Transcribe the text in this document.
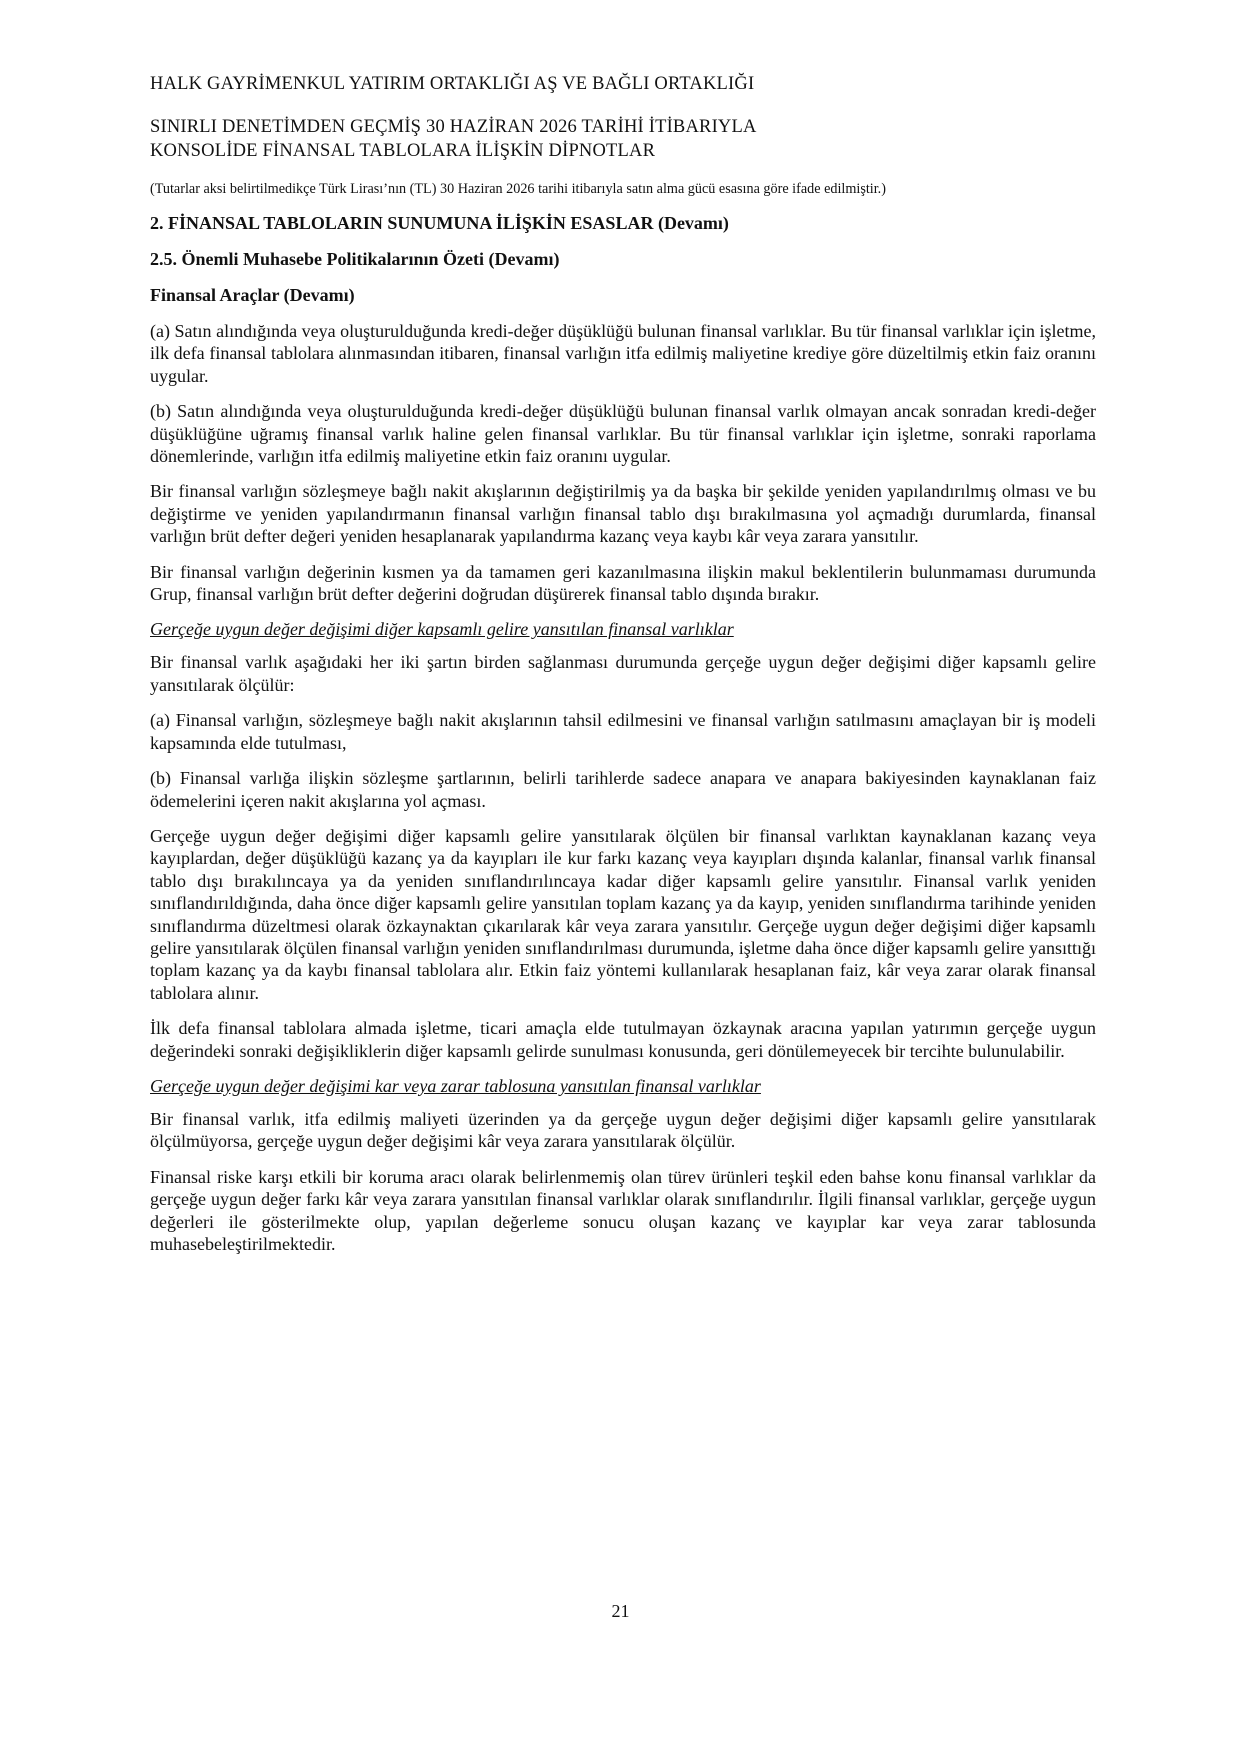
HALK GAYRİMENKUL YATIRIM ORTAKLIĞI AŞ VE BAĞLI ORTAKLIĞI
SINIRLI DENETİMDEN GEÇMİŞ 30 HAZİRAN 2026 TARİHİ İTİBARIYLA
KONSOLİDE FİNANSAL TABLOLARA İLİŞKİN DİPNOTLAR
(Tutarlar aksi belirtilmedikçe Türk Lirası’nın (TL) 30 Haziran 2026 tarihi itibarıyla satın alma gücü esasına göre ifade edilmiştir.)
2. FİNANSAL TABLOLARIN SUNUMUNA İLİŞKİN ESASLAR (Devamı)
2.5. Önemli Muhasebe Politikalarının Özeti (Devamı)
Finansal Araçlar (Devamı)

(a) Satın alındığında veya oluşturulduğunda kredi-değer düşüklüğü bulunan finansal varlıklar. Bu tür finansal varlıklar için işletme, ilk defa finansal tablolara alınmasından itibaren, finansal varlığın itfa edilmiş maliyetine krediye göre düzeltilmiş etkin faiz oranını uygular.

(b) Satın alındığında veya oluşturulduğunda kredi-değer düşüklüğü bulunan finansal varlık olmayan ancak sonradan kredi-değer düşüklüğüne uğramış finansal varlık haline gelen finansal varlıklar. Bu tür finansal varlıklar için işletme, sonraki raporlama dönemlerinde, varlığın itfa edilmiş maliyetine etkin faiz oranını uygular.

Bir finansal varlığın sözleşmeye bağlı nakit akışlarının değiştirilmiş ya da başka bir şekilde yeniden yapılandırılmış olması ve bu değiştirme ve yeniden yapılandırmanın finansal varlığın finansal tablo dışı bırakılmasına yol açmadığı durumlarda, finansal varlığın brüt defter değeri yeniden hesaplanarak yapılandırma kazanç veya kaybı kâr veya zarara yansıtılır.

Bir finansal varlığın değerinin kısmen ya da tamamen geri kazanılmasına ilişkin makul beklentilerin bulunmaması durumunda Grup, finansal varlığın brüt defter değerini doğrudan düşürerek finansal tablo dışında bırakır.

Gerçeğe uygun değer değişimi diğer kapsamlı gelire yansıtılan finansal varlıklar

Bir finansal varlık aşağıdaki her iki şartın birden sağlanması durumunda gerçeğe uygun değer değişimi diğer kapsamlı gelire yansıtılarak ölçülür:

(a) Finansal varlığın, sözleşmeye bağlı nakit akışlarının tahsil edilmesini ve finansal varlığın satılmasını amaçlayan bir iş modeli kapsamında elde tutulması,

(b) Finansal varlığa ilişkin sözleşme şartlarının, belirli tarihlerde sadece anapara ve anapara bakiyesinden kaynaklanan faiz ödemelerini içeren nakit akışlarına yol açması.

Gerçeğe uygun değer değişimi diğer kapsamlı gelire yansıtılarak ölçülen bir finansal varlıktan kaynaklanan kazanç veya kayıplardan, değer düşüklüğü kazanç ya da kayıpları ile kur farkı kazanç veya kayıpları dışında kalanlar, finansal varlık finansal tablo dışı bırakılıncaya ya da yeniden sınıflandırılıncaya kadar diğer kapsamlı gelire yansıtılır. Finansal varlık yeniden sınıflandırıldığında, daha önce diğer kapsamlı gelire yansıtılan toplam kazanç ya da kayıp, yeniden sınıflandırma tarihinde yeniden sınıflandırma düzeltmesi olarak özkaynaktan çıkarılarak kâr veya zarara yansıtılır. Gerçeğe uygun değer değişimi diğer kapsamlı gelire yansıtılarak ölçülen finansal varlığın yeniden sınıflandırılması durumunda, işletme daha önce diğer kapsamlı gelire yansıttığı toplam kazanç ya da kaybı finansal tablolara alır. Etkin faiz yöntemi kullanılarak hesaplanan faiz, kâr veya zarar olarak finansal tablolara alınır.

İlk defa finansal tablolara almada işletme, ticari amaçla elde tutulmayan özkaynak aracına yapılan yatırımın gerçeğe uygun değerindeki sonraki değişikliklerin diğer kapsamlı gelirde sunulması konusunda, geri dönülemeyecek bir tercihte bulunulabilir.

Gerçeğe uygun değer değişimi kar veya zarar tablosuna yansıtılan finansal varlıklar

Bir finansal varlık, itfa edilmiş maliyeti üzerinden ya da gerçeğe uygun değer değişimi diğer kapsamlı gelire yansıtılarak ölçülmüyorsa, gerçeğe uygun değer değişimi kâr veya zarara yansıtılarak ölçülür.

Finansal riske karşı etkili bir koruma aracı olarak belirlenmemiş olan türev ürünleri teşkil eden bahse konu finansal varlıklar da gerçeğe uygun değer farkı kâr veya zarara yansıtılan finansal varlıklar olarak sınıflandırılır. İlgili finansal varlıklar, gerçeğe uygun değerleri ile gösterilmekte olup, yapılan değerleme sonucu oluşan kazanç ve kayıplar kar veya zarar tablosunda muhasebeleştirilmektedir.

21
